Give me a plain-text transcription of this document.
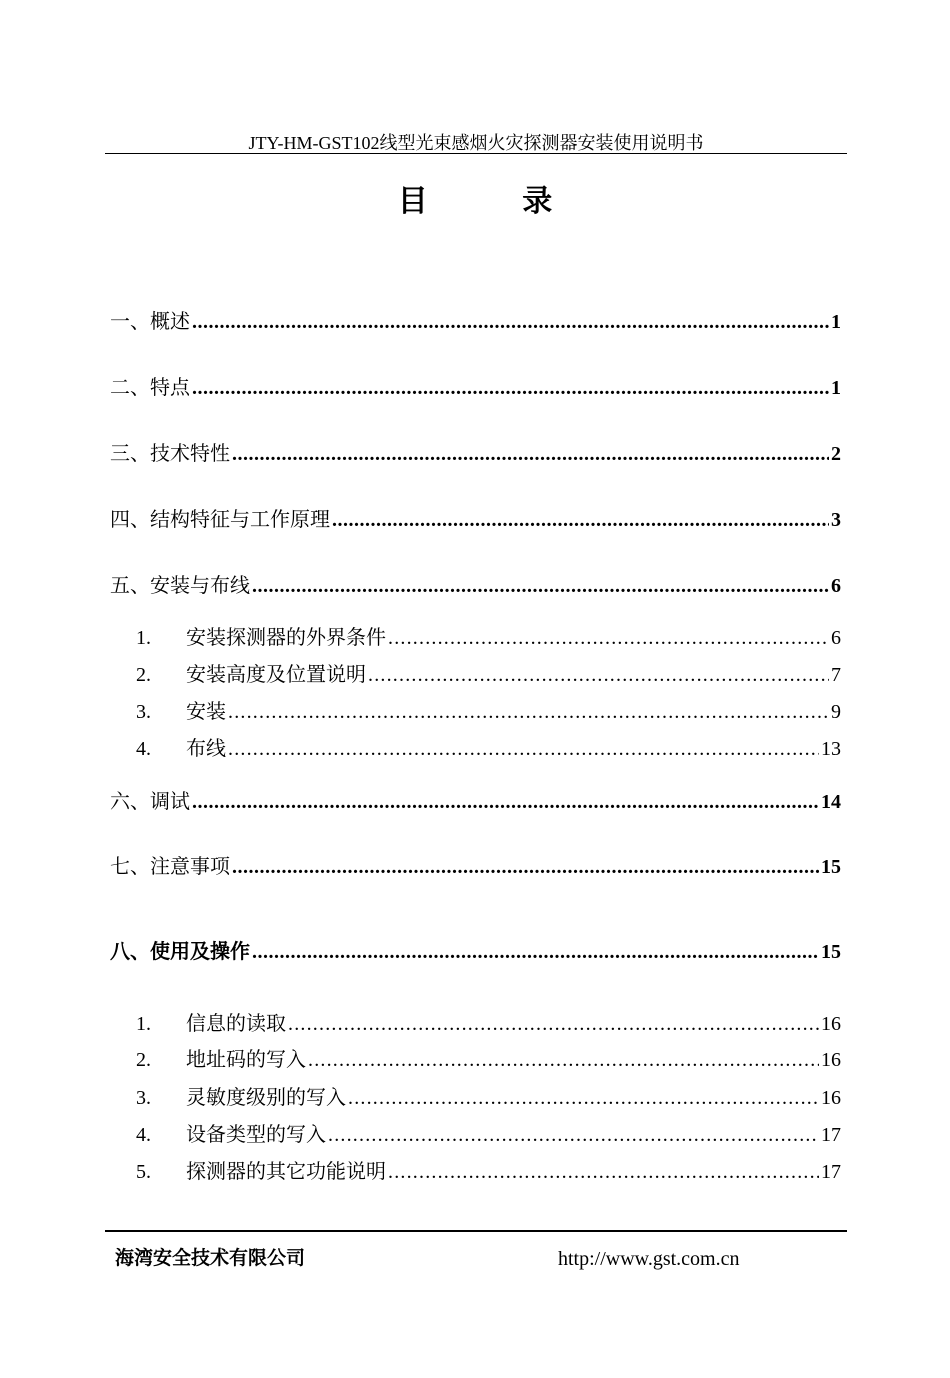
JTY-HM-GST102线型光束感烟火灾探测器安装使用说明书
目 录
一、概述 .....	1
二、特点 .....	1
三、技术特性 .....	2
四、结构特征与工作原理 .....	3
五、安装与布线 .....	6
1.	安装探测器的外界条件 .....	6
2.	安装高度及位置说明 .....	7
3.	安装 .....	9
4.	布线 .....	13
六、调试 .....	14
七、注意事项 .....	15
八、使用及操作 .....	15
1.	信息的读取 .....	16
2.	地址码的写入 .....	16
3.	灵敏度级别的写入 .....	16
4.	设备类型的写入 .....	17
5.	探测器的其它功能说明 .....	17
海湾安全技术有限公司	http://www.gst.com.cn
